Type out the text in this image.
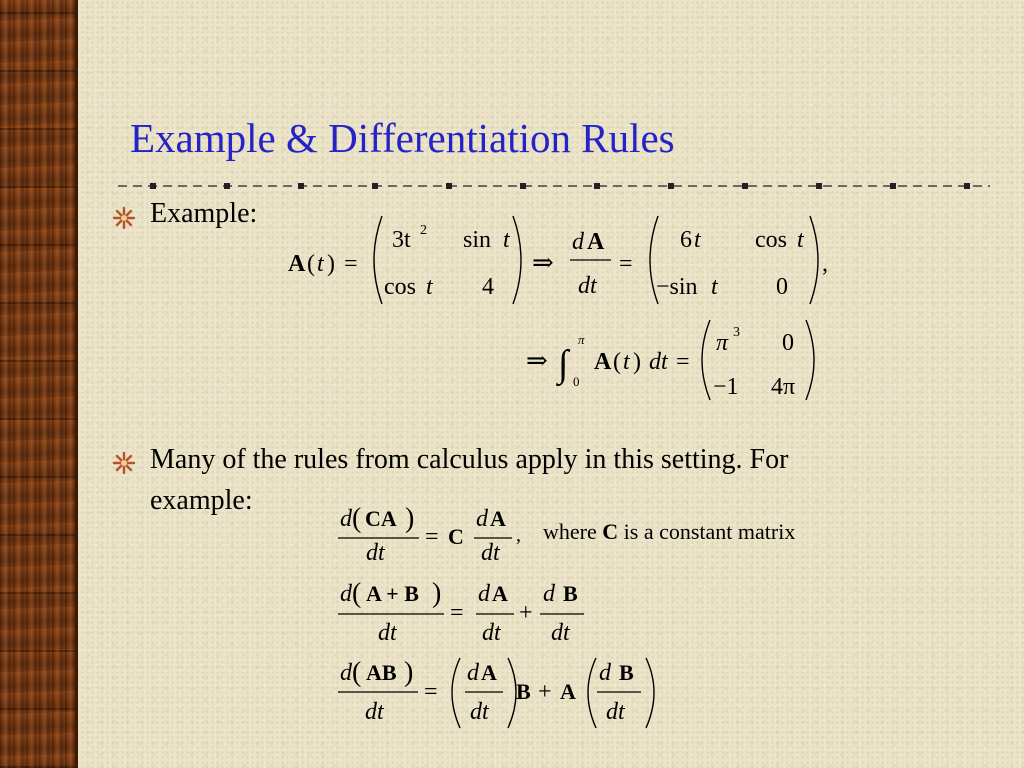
Example & Differentiation Rules
Example:
Many of the rules from calculus apply in this setting. For
example:
A ( t ) =
3t 2 sin t
cos t 4
⇒
d A
dt
=
6 t cos t
−sin t 0
,
⇒ ∫
π
0
A ( t ) dt =
π 3 0
−1 4π
d ( CA )
dt
= C
d A
dt
,
d ( A + B )
dt
=
d A
dt
+
d B
dt
d ( AB )
dt
=
d A
dt
B + A
d B
dt
where C is a constant matrix
